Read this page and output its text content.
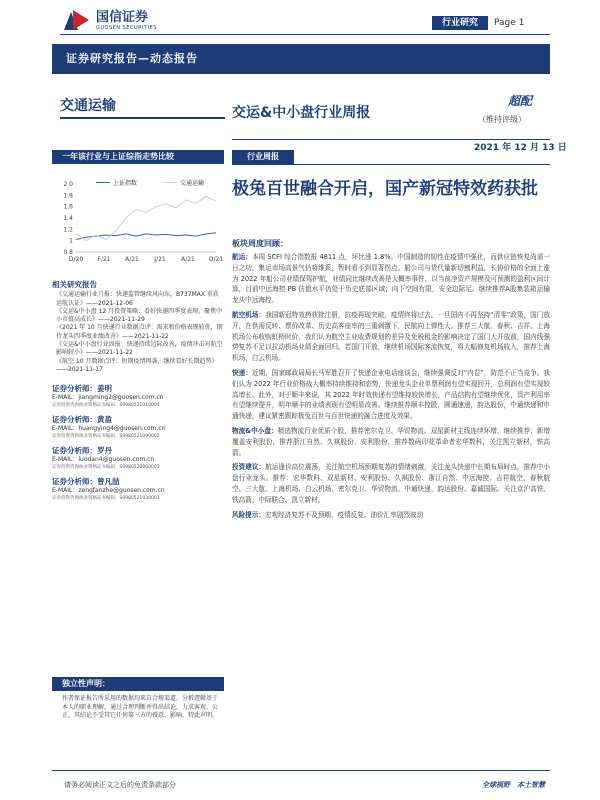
国信证券
GUOSEN SECURITIES	行业研究	Page 1
证券研究报告—动态报告
交通运输	交运&中小盘行业周报
超配
（维持评级）
2021 年 12 月 13 日
一年该行业与上证综指走势比较
上证指数	交通运输
2.0
1.8
1.6
1.4
1.2
1
0.8
D/20 F/21 A/21	J/21	A/21 O/21
相关研究报告
《交通运输行业月报：快递监管继续风向东，B737MAX 重获运航认证》——2021-12-06
《交运&中小盘 12 月投资策略：看好快递四季度表现，聚焦中小市值高成长》——2021-11-29
《2021 年 10 月快递行业数据点评：需求和价格表现较优，期待龙头四季度业绩改善》——2021-11-22
《交运&中小盘行业周报：快递持续边际改善，疫情冲击对航空影响较小》——2021-11-22
《航空 10 月数据点评：短期疫情再袭，继续看好长期趋势》——2021-11-17
证券分析师：姜明
E-MAIL：jiangming2@guosen.com.cn
证券投资咨询执业资格证书编码：S0980521010004
证券分析师：黄盈
E-MAIL：huangying4@guosen.com.cn
证券投资咨询执业资格证书编码：S0980521090002
证券分析师：罗丹
E-MAIL：luodan4@guosen.com.cn
证券投资咨询执业资格证书编码：S0980520060003
证券分析师：曾凡喆
E-MAIL：zengfanzhe@guosen.com.cn
证券投资咨询执业资格证书编码：S0980521030003
独立性声明：
作者保证报告所采用的数据均来自合规渠道，分析逻辑基于本人的职业理解，通过合理判断并得出结论，力求客观、公正，其结论不受其它任何第三方的授意、影响，特此声明。
行业周报
极兔百世融合开启，国产新冠特效药获批
板块周度回顾：

航运：本周 SCFI 综合指数报 4811 点，环比涨 1.8%。中国制造的韧性在疫情中强化，而供应链恢复尚需一日之功。集运市场高景气仍将维系，暂时看不到显著拐点。船公司与货代量新切割利益，长协价格的全面上涨为 2022 年船公司业绩保驾护航，业绩同比继续改善是大概率事件，以当前净资产规模及可预测的盈利区间计算，目前中远海控 PB 估值水平仍处于历史底部区域；向下空间有限，安全边际足。继续推荐A股集装箱运输龙头中远海控。

航空机场：我国新冠特效药获批注册，抗疫再现突破，疫情终将过去。一旦国内不再坚持“清零”政策，国门放开，在供需反转、票价改革、历史高客座率的三重刺激下，民航向上弹性大。推荐三大航、春秋、吉祥。上海机场公布收购虹桥时价，我们认为航空主业收费规划的差异及免税租金的影响决定了国门大开放前，国内线强势复苏不足以拉动机场业绩全面回归。若国门开放，继续机场国际客流恢复，将大幅修复机场收入，推荐上海机场，白云机场。

快递：近期，国家邮政局局长马军胜召开了快递企业电话座谈会，继续强调反对“内卷”，防范不正当竞争。我们认为 2022 年行业价格战大概率持续维持和态势，快递龙头企业单票利润有望实现回升，总利润有望实现较高增长。此外，对于顺丰来说，其 2022 年时效快递有望维持较快增长，产品结构有望继续优化，资产利用率有望继续提升，明年顺丰的业绩表现有望明显改善。继续推荐顺丰控股，圆通速递，韵达股份，中通快递和申通快递，建议紧密跟踪极兔百世与百世快递的融合进度及效果。

物流&中小盘：精选物流行业优质个股，推荐密尔克卫、华贸物流。双星新材主线连续环增，继续推荐；新增覆盖安利股份，推荐浙江自然、久祺股份、安利股份，推荐数码印花革命者宏华数科，关注凯立新材，铁高箭。

投资建议：航运逢价高位震荡，关注航空机场预期复苏的情绪刺激，关注龙头快递中长期布局时点，推荐中小盘行业龙头。推荐：宏华数科、双星新材、安利股份、久祺股份、浙江自然、中远海控、吉祥航空、春秋航空、三大航、上海机场、白云机场、密尔克卫、华贸物流、中通快递、韵达股份、嘉诚国际。关注京沪高铁、铁高箭、中际联合、凯立新材。

风险提示：宏观经济复苏不及预期、疫情反复、油价汇率剧烈波动

请务必阅读正文之后的免责条款部分	全球视野　本土智慧
